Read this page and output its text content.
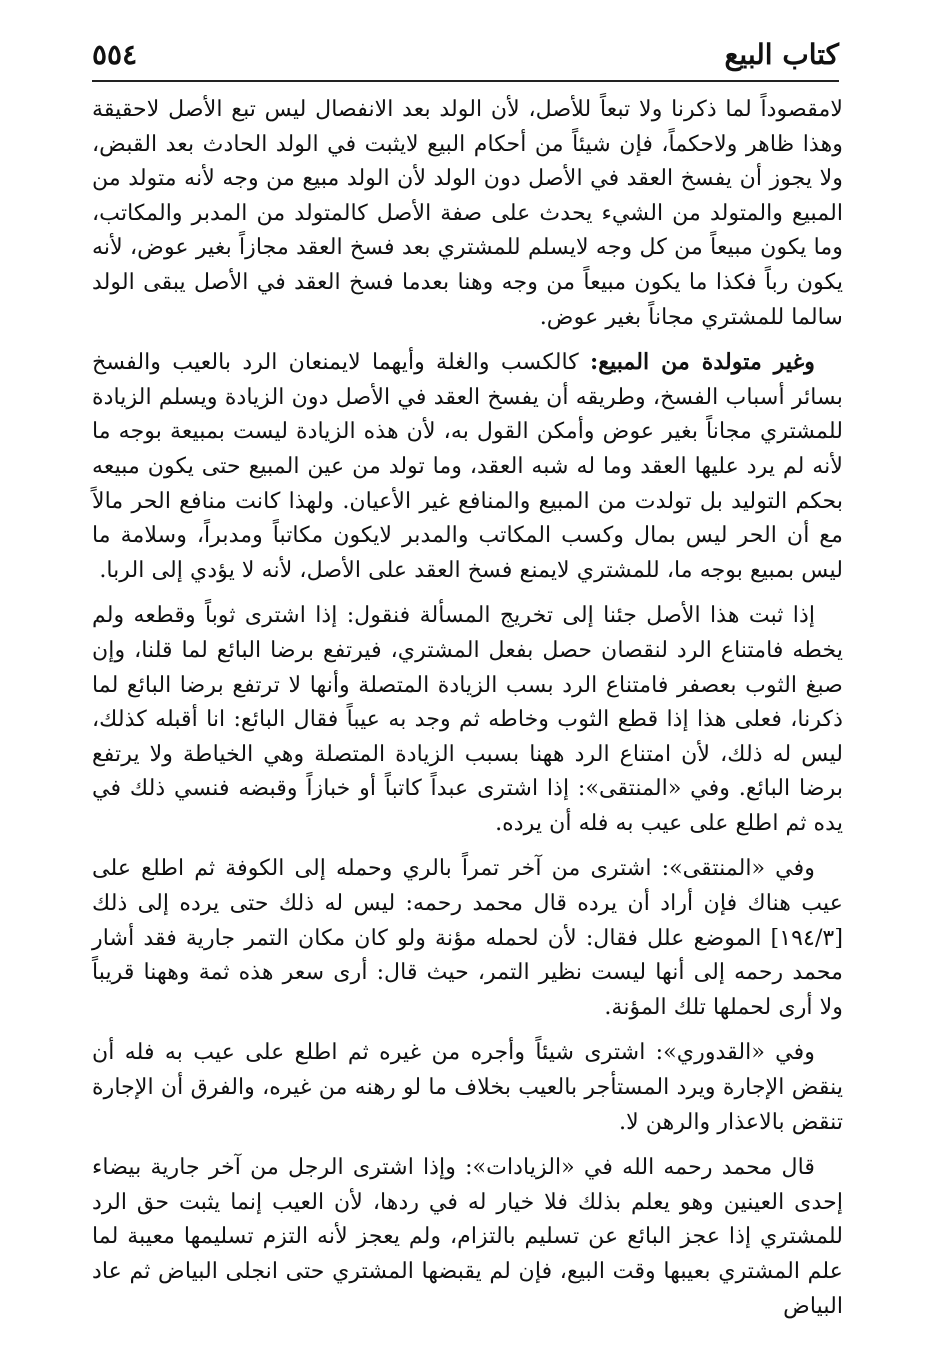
كتاب البيع
٥٥٤

لامقصوداً لما ذكرنا ولا تبعاً للأصل، لأن الولد بعد الانفصال ليس تبع الأصل لاحقيقة وهذا ظاهر ولاحكماً، فإن شيئاً من أحكام البيع لايثبت في الولد الحادث بعد القبض، ولا يجوز أن يفسخ العقد في الأصل دون الولد لأن الولد مبيع من وجه لأنه متولد من المبيع والمتولد من الشيء يحدث على صفة الأصل كالمتولد من المدبر والمكاتب، وما يكون مبيعاً من كل وجه لايسلم للمشتري بعد فسخ العقد مجازاً بغير عوض، لأنه يكون رباً فكذا ما يكون مبيعاً من وجه وهنا بعدما فسخ العقد في الأصل يبقى الولد سالما للمشتري مجاناً بغير عوض.

وغير متولدة من المبيع: كالكسب والغلة وأيهما لايمنعان الرد بالعيب والفسخ بسائر أسباب الفسخ، وطريقه أن يفسخ العقد في الأصل دون الزيادة ويسلم الزيادة للمشتري مجاناً بغير عوض وأمكن القول به، لأن هذه الزيادة ليست بمبيعة بوجه ما لأنه لم يرد عليها العقد وما له شبه العقد، وما تولد من عين المبيع حتى يكون مبيعه بحكم التوليد بل تولدت من المبيع والمنافع غير الأعيان. ولهذا كانت منافع الحر مالاً مع أن الحر ليس بمال وكسب المكاتب والمدبر لايكون مكاتباً ومدبراً، وسلامة ما ليس بمبيع بوجه ما، للمشتري لايمنع فسخ العقد على الأصل، لأنه لا يؤدي إلى الربا.

إذا ثبت هذا الأصل جئنا إلى تخريج المسألة فنقول: إذا اشترى ثوباً وقطعه ولم يخطه فامتناع الرد لنقصان حصل بفعل المشتري، فيرتفع برضا البائع لما قلنا، وإن صبغ الثوب بعصفر فامتناع الرد بسب الزيادة المتصلة وأنها لا ترتفع برضا البائع لما ذكرنا، فعلى هذا إذا قطع الثوب وخاطه ثم وجد به عيباً فقال البائع: انا أقبله كذلك، ليس له ذلك، لأن امتناع الرد ههنا بسبب الزيادة المتصلة وهي الخياطة ولا يرتفع برضا البائع. وفي «المنتقى»: إذا اشترى عبداً كاتباً أو خبازاً وقبضه فنسي ذلك في يده ثم اطلع على عيب به فله أن يرده.

وفي «المنتقى»: اشترى من آخر تمراً بالري وحمله إلى الكوفة ثم اطلع على عيب هناك فإن أراد أن يرده قال محمد رحمه: ليس له ذلك حتى يرده إلى ذلك [١٩٤/٣] الموضع علل فقال: لأن لحمله مؤنة ولو كان مكان التمر جارية فقد أشار محمد رحمه إلى أنها ليست نظير التمر، حيث قال: أرى سعر هذه ثمة وههنا قريباً ولا أرى لحملها تلك المؤنة.

وفي «القدوري»: اشترى شيئاً وأجره من غيره ثم اطلع على عيب به فله أن ينقض الإجارة ويرد المستأجر بالعيب بخلاف ما لو رهنه من غيره، والفرق أن الإجارة تنقض بالاعذار والرهن لا.

قال محمد رحمه الله في «الزيادات»: وإذا اشترى الرجل من آخر جارية بيضاء إحدى العينين وهو يعلم بذلك فلا خيار له في ردها، لأن العيب إنما يثبت حق الرد للمشتري إذا عجز البائع عن تسليم بالتزام، ولم يعجز لأنه التزم تسليمها معيبة لما علم المشتري بعيبها وقت البيع، فإن لم يقبضها المشتري حتى انجلى البياض ثم عاد البياض
